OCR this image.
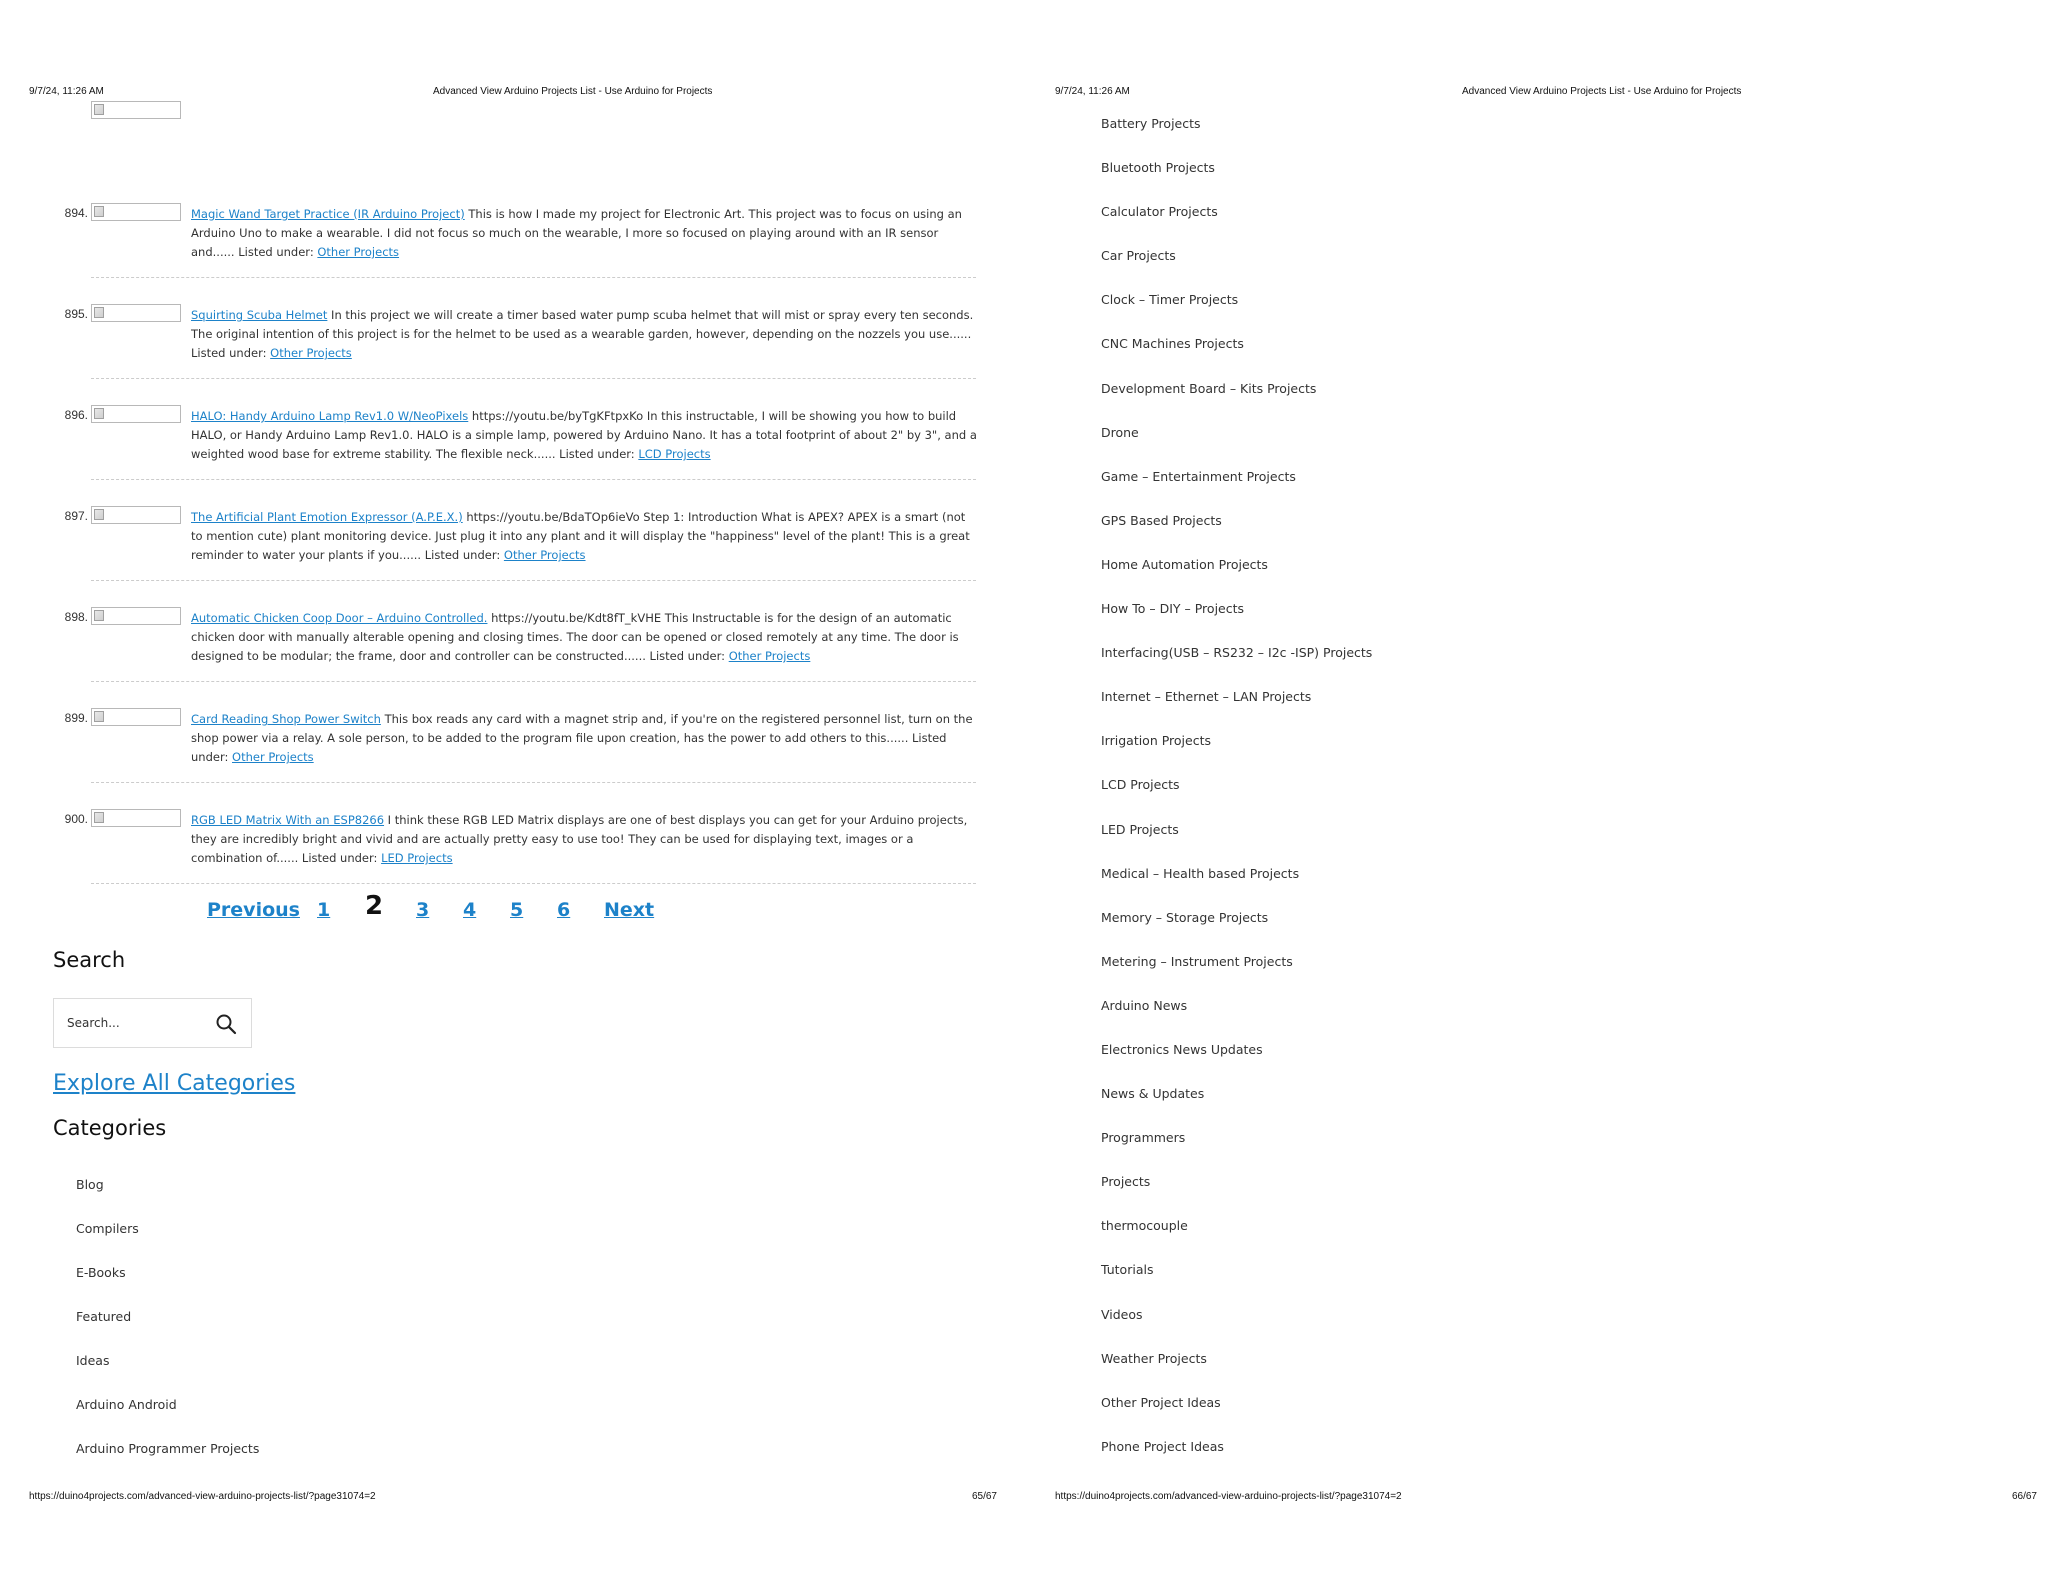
9/7/24, 11:26 AM	Advanced View Arduino Projects List - Use Arduino for Projects
894.	Magic Wand Target Practice (IR Arduino Project) This is how I made my project for Electronic Art. This project was to focus on using an Arduino Uno to make a wearable. I did not focus so much on the wearable, I more so focused on playing around with an IR sensor and...... Listed under: Other Projects
895.	Squirting Scuba Helmet In this project we will create a timer based water pump scuba helmet that will mist or spray every ten seconds. The original intention of this project is for the helmet to be used as a wearable garden, however, depending on the nozzels you use...... Listed under: Other Projects
896.	HALO: Handy Arduino Lamp Rev1.0 W/NeoPixels https://youtu.be/byTgKFtpxKo In this instructable, I will be showing you how to build HALO, or Handy Arduino Lamp Rev1.0. HALO is a simple lamp, powered by Arduino Nano. It has a total footprint of about 2" by 3", and a weighted wood base for extreme stability. The flexible neck...... Listed under: LCD Projects
897.	The Artificial Plant Emotion Expressor (A.P.E.X.) https://youtu.be/BdaTOp6ieVo Step 1: Introduction What is APEX? APEX is a smart (not to mention cute) plant monitoring device. Just plug it into any plant and it will display the "happiness" level of the plant! This is a great reminder to water your plants if you...... Listed under: Other Projects
898.	Automatic Chicken Coop Door – Arduino Controlled. https://youtu.be/Kdt8fT_kVHE This Instructable is for the design of an automatic chicken door with manually alterable opening and closing times. The door can be opened or closed remotely at any time. The door is designed to be modular; the frame, door and controller can be constructed...... Listed under: Other Projects
899.	Card Reading Shop Power Switch This box reads any card with a magnet strip and, if you're on the registered personnel list, turn on the shop power via a relay. A sole person, to be added to the program file upon creation, has the power to add others to this...... Listed under: Other Projects
900.	RGB LED Matrix With an ESP8266 I think these RGB LED Matrix displays are one of best displays you can get for your Arduino projects, they are incredibly bright and vivid and are actually pretty easy to use too! They can be used for displaying text, images or a combination of...... Listed under: LED Projects
Previous 1 2 3 4 5 6 Next
Search
Search...
Explore All Categories
Categories
Blog
Compilers
E-Books
Featured
Ideas
Arduino Android
Arduino Programmer Projects
https://duino4projects.com/advanced-view-arduino-projects-list/?page31074=2	65/67
9/7/24, 11:26 AM	Advanced View Arduino Projects List - Use Arduino for Projects
Battery Projects
Bluetooth Projects
Calculator Projects
Car Projects
Clock – Timer Projects
CNC Machines Projects
Development Board – Kits Projects
Drone
Game – Entertainment Projects
GPS Based Projects
Home Automation Projects
How To – DIY – Projects
Interfacing(USB – RS232 – I2c -ISP) Projects
Internet – Ethernet – LAN Projects
Irrigation Projects
LCD Projects
LED Projects
Medical – Health based Projects
Memory – Storage Projects
Metering – Instrument Projects
Arduino News
Electronics News Updates
News & Updates
Programmers
Projects
thermocouple
Tutorials
Videos
Weather Projects
Other Project Ideas
Phone Project Ideas
https://duino4projects.com/advanced-view-arduino-projects-list/?page31074=2	66/67
